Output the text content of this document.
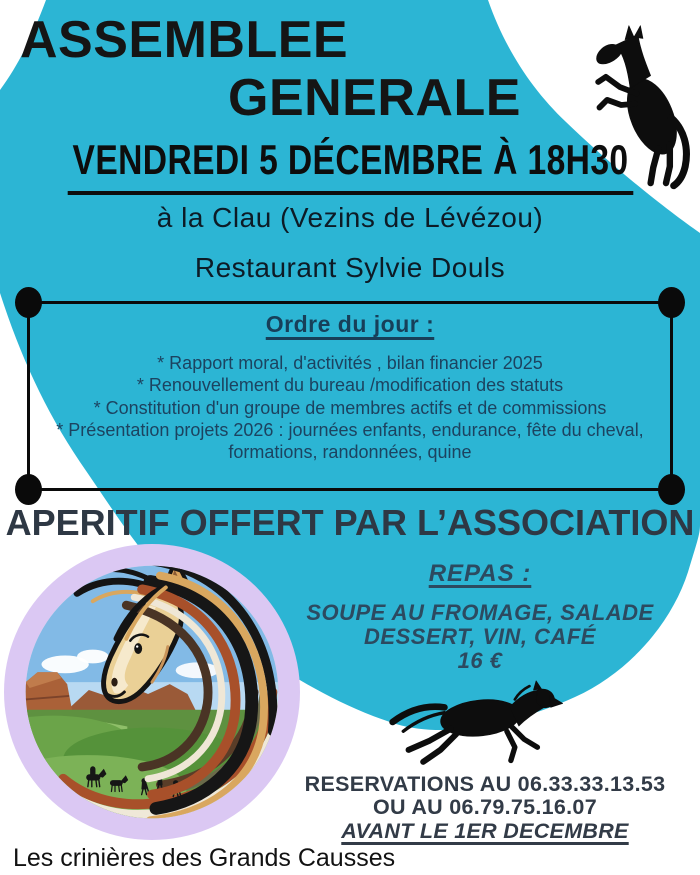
ASSEMBLEE
GENERALE
VENDREDI 5 DÉCEMBRE À 18H30
à la Clau (Vezins de Lévézou)
Restaurant Sylvie Douls
Ordre du jour :
* Rapport moral, d'activités , bilan financier 2025
* Renouvellement du bureau /modification des statuts
* Constitution d'un groupe de membres actifs et de commissions
* Présentation projets 2026 : journées enfants, endurance, fête du cheval, formations, randonnées, quine
APERITIF OFFERT PAR L’ASSOCIATION
REPAS :
SOUPE AU FROMAGE, SALADE
DESSERT, VIN, CAFÉ
16 €
RESERVATIONS AU 06.33.33.13.53
OU AU 06.79.75.16.07
AVANT LE 1ER DECEMBRE
Les crinières des Grands Causses
